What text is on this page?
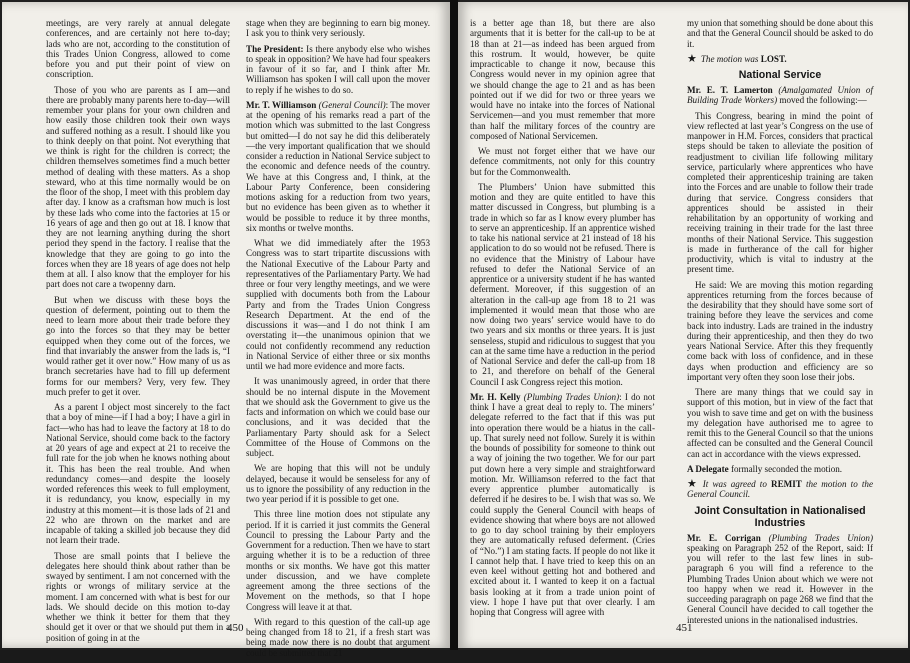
meetings, are very rarely at annual delegate conferences, and are certainly not here to-day; lads who are not, according to the constitution of this Trades Union Congress, allowed to come before you and put their point of view on conscription.

Those of you who are parents as I am—and there are probably many parents here to-day—will remember your plans for your own children and how easily those children took their own ways and suffered nothing as a result. I should like you to think deeply on that point. Not everything that we think is right for the children is correct; the children themselves sometimes find a much better method of dealing with these matters. As a shop steward, who at this time normally would be on the floor of the shop, I meet with this problem day after day. I know as a craftsman how much is lost by these lads who come into the factories at 15 or 16 years of age and then go out at 18. I know that they are not learning anything during the short period they spend in the factory. I realise that the knowledge that they are going to go into the forces when they are 18 years of age does not help them at all. I also know that the employer for his part does not care a twopenny darn.

But when we discuss with these boys the question of deferment, pointing out to them the need to learn more about their trade before they go into the forces so that they may be better equipped when they come out of the forces, we find that invariably the answer from the lads is, “I would rather get it over now.” How many of us as branch secretaries have had to fill up deferment forms for our members? Very, very few. They much prefer to get it over.

As a parent I object most sincerely to the fact that a boy of mine—if I had a boy; I have a girl in fact—who has had to leave the factory at 18 to do National Service, should come back to the factory at 20 years of age and expect at 21 to receive the full rate for the job when he knows nothing about it. This has been the real trouble. And when redundancy comes—and despite the loosely worded references this week to full employment, it is redundancy, you know, especially in my industry at this moment—it is those lads of 21 and 22 who are thrown on the market and are incapable of taking a skilled job because they did not learn their trade.

Those are small points that I believe the delegates here should think about rather than be swayed by sentiment. I am not concerned with the rights or wrongs of military service at the moment. I am concerned with what is best for our lads. We should decide on this motion to-day whether we think it better for them that they should get it over or that we should put them in a position of going in at the

stage when they are beginning to earn big money. I ask you to think very seriously.

The President: Is there anybody else who wishes to speak in opposition? We have had four speakers in favour of it so far, and I think after Mr. Williamson has spoken I will call upon the mover to reply if he wishes to do so.

Mr. T. Williamson (General Council): The mover at the opening of his remarks read a part of the motion which was submitted to the last Congress but omitted—I do not say he did this deliberately—the very important qualification that we should consider a reduction in National Service subject to the economic and defence needs of the country. We have at this Congress and, I think, at the Labour Party Conference, been considering motions asking for a reduction from two years, but no evidence has been given as to whether it would be possible to reduce it by three months, six months or twelve months.

What we did immediately after the 1953 Congress was to start tripartite discussions with the National Executive of the Labour Party and representatives of the Parliamentary Party. We had three or four very lengthy meetings, and we were supplied with documents both from the Labour Party and from the Trades Union Congress Research Department. At the end of the discussions it was—and I do not think I am overstating it—the unanimous opinion that we could not confidently recommend any reduction in National Service of either three or six months until we had more evidence and more facts.

It was unanimously agreed, in order that there should be no internal dispute in the Movement that we should ask the Government to give us the facts and information on which we could base our conclusions, and it was decided that the Parliamentary Party should ask for a Select Committee of the House of Commons on the subject.

We are hoping that this will not be unduly delayed, because it would be senseless for any of us to ignore the possibility of any reduction in the two year period if it is possible to get one.

This three line motion does not stipulate any period. If it is carried it just commits the General Council to pressing the Labour Party and the Government for a reduction. Then we have to start arguing whether it is to be a reduction of three months or six months. We have got this matter under discussion, and we have complete agreement among the three sections of the Movement on the methods, so that I hope Congress will leave it at that.

With regard to this question of the call-up age being changed from 18 to 21, if a fresh start was being made now there is no doubt that argument could be submitted that 21

450

is a better age than 18, but there are also arguments that it is better for the call-up to be at 18 than at 21—as indeed has been argued from this rostrum. It would, however, be quite impracticable to change it now, because this Congress would never in my opinion agree that we should change the age to 21 and as has been pointed out if we did for two or three years we would have no intake into the forces of National Servicemen—and you must remember that more than half the military forces of the country are composed of National Servicemen.

We must not forget either that we have our defence commitments, not only for this country but for the Commonwealth.

The Plumbers’ Union have submitted this motion and they are quite entitled to have this matter discussed in Congress, but plumbing is a trade in which so far as I know every plumber has to serve an apprenticeship. If an apprentice wished to take his national service at 21 instead of 18 his application to do so would not be refused. There is no evidence that the Ministry of Labour have refused to defer the National Service of an apprentice or a university student if he has wanted deferment. Moreover, if this suggestion of an alteration in the call-up age from 18 to 21 was implemented it would mean that those who are now doing two years’ service would have to do two years and six months or three years. It is just senseless, stupid and ridiculous to suggest that you can at the same time have a reduction in the period of National Service and defer the call-up from 18 to 21, and therefore on behalf of the General Council I ask Congress reject this motion.

Mr. H. Kelly (Plumbing Trades Union): I do not think I have a great deal to reply to. The miners’ delegate referred to the fact that if this was put into operation there would be a hiatus in the call-up. That surely need not follow. Surely it is within the bounds of possibility for someone to think out a way of joining the two together. We for our part put down here a very simple and straightforward motion. Mr. Williamson referred to the fact that every apprentice plumber automatically is deferred if he desires to be. I wish that was so. We could supply the General Council with heaps of evidence showing that where boys are not allowed to go to day school training by their employers they are automatically refused deferment. (Cries of “No.”) I am stating facts. If people do not like it I cannot help that. I have tried to keep this on an even keel without getting hot and bothered and excited about it. I wanted to keep it on a factual basis looking at it from a trade union point of view. I hope I have put that over clearly. I am hoping that Congress will agree with

my union that something should be done about this and that the General Council should be asked to do it.

★ The motion was LOST.

National Service

Mr. E. T. Lamerton (Amalgamated Union of Building Trade Workers) moved the following:—

This Congress, bearing in mind the point of view reflected at last year’s Congress on the use of manpower in H.M. Forces, considers that practical steps should be taken to alleviate the position of readjustment to civilian life following military service, particularly where apprentices who have completed their apprenticeship training are taken into the Forces and are unable to follow their trade during that service. Congress considers that apprentices should be assisted in their rehabilitation by an opportunity of working and receiving training in their trade for the last three months of their National Service. This suggestion is made in furtherance of the call for higher productivity, which is vital to industry at the present time.

He said: We are moving this motion regarding apprentices returning from the forces because of the desirability that they should have some sort of training before they leave the services and come back into industry. Lads are trained in the industry during their apprenticeship, and then they do two years National Service. After this they frequently come back with loss of confidence, and in these days when production and efficiency are so important very often they soon lose their jobs.

There are many things that we could say in support of this motion, but in view of the fact that you wish to save time and get on with the business my delegation have authorised me to agree to remit this to the General Council so that the unions affected can be consulted and the General Council can act in accordance with the views expressed.

A Delegate formally seconded the motion.

★ It was agreed to REMIT the motion to the General Council.

Joint Consultation in Nationalised Industries

Mr. E. Corrigan (Plumbing Trades Union) speaking on Paragraph 252 of the Report, said: If you will refer to the last few lines in sub-paragraph 6 you will find a reference to the Plumbing Trades Union about which we were not too happy when we read it. However in the succeeding paragraph on page 268 we find that the General Council have decided to call together the interested unions in the nationalised industries.

451
